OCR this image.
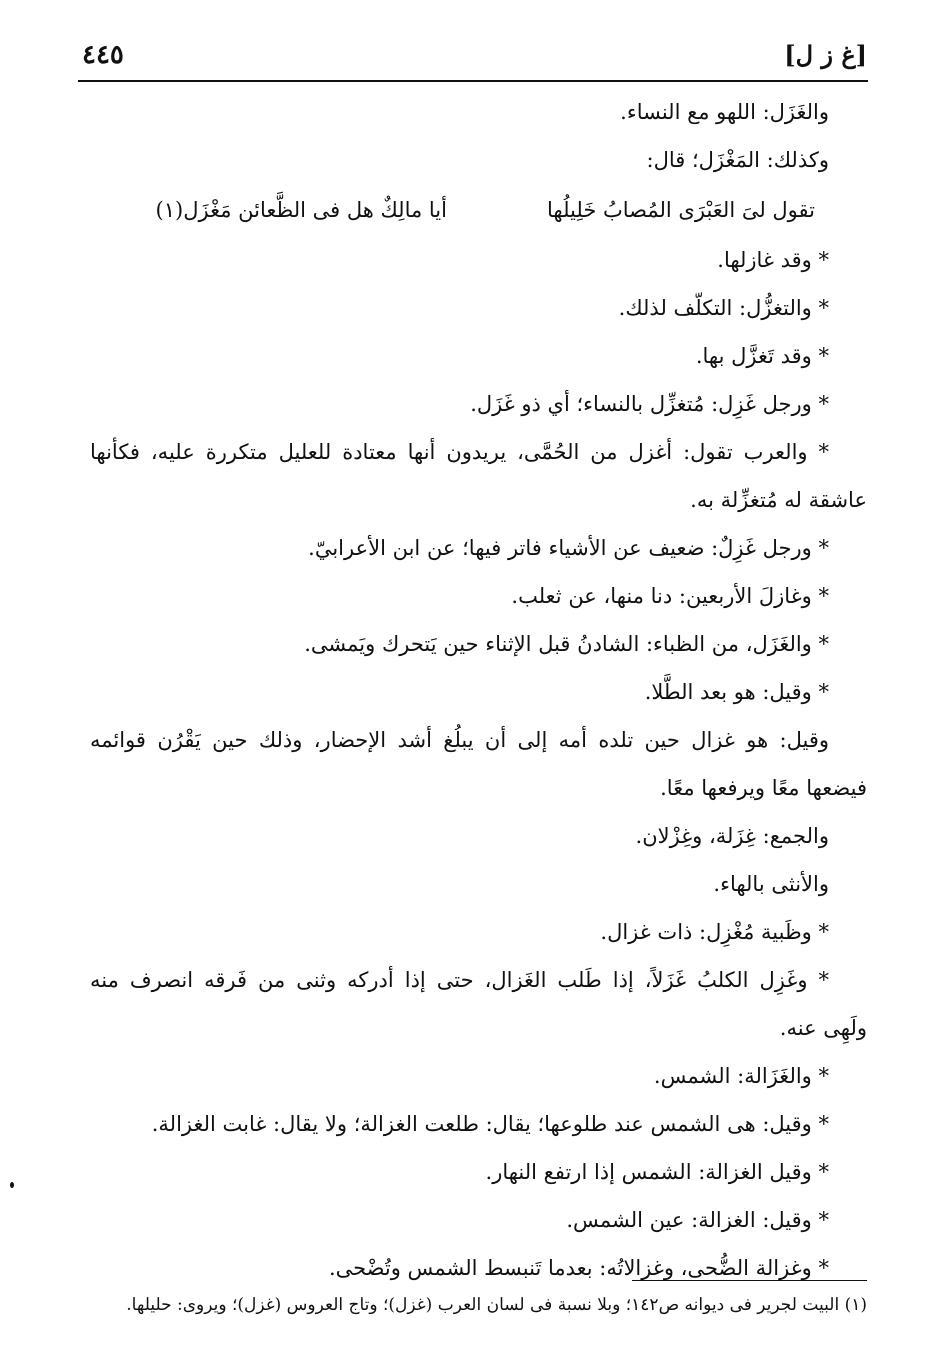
٤٤٥	[غ ز ل]
والغَزَل: اللهو مع النساء.
وكذلك: المَغْزَل؛ قال:
تقول لىَ العَبْرَى المُصابُ خَلِيلُها
أيا مالِكٌ هل فى الظَّعائن مَغْزَل(١)
* وقد غازلها.
* والتغزُّل: التكلّف لذلك.
* وقد تَغزَّل بها.
* ورجل غَزِل: مُتغزِّل بالنساء؛ أي ذو غَزَل.
* والعرب تقول: أغزل من الحُمَّى، يريدون أنها معتادة للعليل متكررة عليه، فكأنها
عاشقة له مُتغزِّلة به.
* ورجل غَزِلٌ: ضعيف عن الأشياء فاتر فيها؛ عن ابن الأعرابيّ.
* وغازلَ الأربعين: دنا منها، عن ثعلب.
* والغَزَل، من الظباء: الشادنُ قبل الإثناء حين يَتحرك ويَمشى.
* وقيل: هو بعد الطَّلا.
وقيل: هو غزال حين تلده أمه إلى أن يبلُغ أشد الإحضار، وذلك حين يَقْرُن قوائمه
فيضعها معًا ويرفعها معًا.
والجمع: غِزَلة، وغِزْلان.
والأنثى بالهاء.
* وظَبية مُغْزِل: ذات غزال.
* وغَزِل الكلبُ غَزَلاً، إذا طَلب الغَزال، حتى إذا أدركه وثنى من فَرقه انصرف منه
ولَهِى عنه.
* والغَزَالة: الشمس.
* وقيل: هى الشمس عند طلوعها؛ يقال: طلعت الغزالة؛ ولا يقال: غابت الغزالة.
* وقيل الغزالة: الشمس إذا ارتفع النهار.
* وقيل: الغزالة: عين الشمس.
* وغزالة الضُّحى، وغزالاتُه: بعدما تَنبسط الشمس وتُضْحى.
(١) البيت لجرير فى ديوانه ص١٤٢؛ وبلا نسبة فى لسان العرب (غزل)؛ وتاج العروس (غزل)؛ ويروى: حليلها.
